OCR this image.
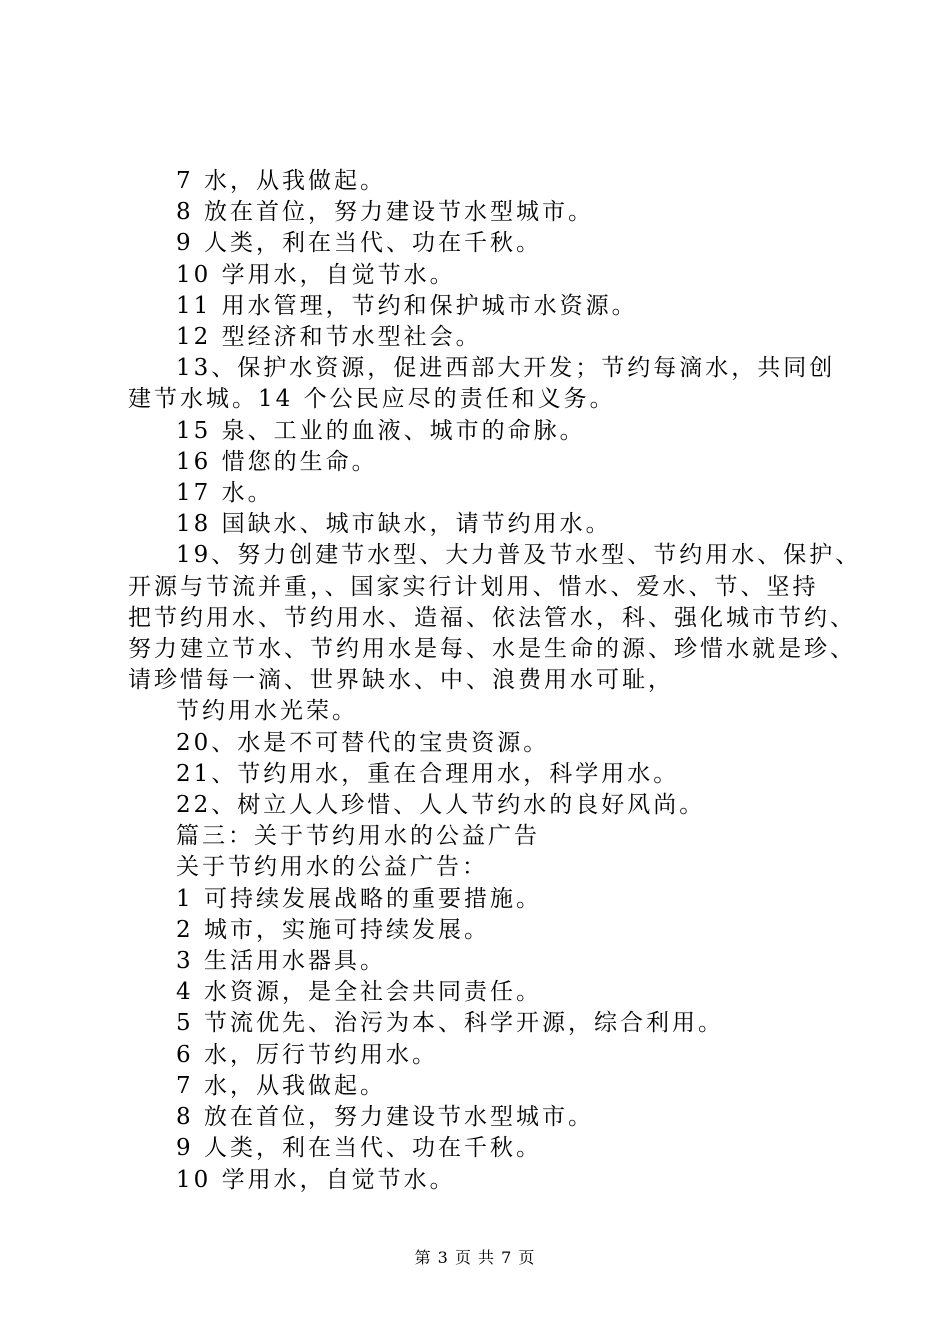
7 水，从我做起。
8 放在首位，努力建设节水型城市。
9 人类，利在当代、功在千秋。
10 学用水，自觉节水。
11 用水管理，节约和保护城市水资源。
12 型经济和节水型社会。
13、保护水资源，促进西部大开发；节约每滴水，共同创
建节水城。14 个公民应尽的责任和义务。
15 泉、工业的血液、城市的命脉。
16 惜您的生命。
17 水。
18 国缺水、城市缺水，请节约用水。
19、努力创建节水型、大力普及节水型、节约用水、保护、
开源与节流并重，、国家实行计划用、惜水、爱水、节、坚持
把节约用水、节约用水、造福、依法管水，科、强化城市节约、
努力建立节水、节约用水是每、水是生命的源、珍惜水就是珍、
请珍惜每一滴、世界缺水、中、浪费用水可耻，
节约用水光荣。
20、水是不可替代的宝贵资源。
21、节约用水，重在合理用水，科学用水。
22、树立人人珍惜、人人节约水的良好风尚。
篇三：关于节约用水的公益广告
关于节约用水的公益广告：
1 可持续发展战略的重要措施。
2 城市，实施可持续发展。
3 生活用水器具。
4 水资源，是全社会共同责任。
5 节流优先、治污为本、科学开源，综合利用。
6 水，厉行节约用水。
7 水，从我做起。
8 放在首位，努力建设节水型城市。
9 人类，利在当代、功在千秋。
10 学用水，自觉节水。
第 3 页 共 7 页
